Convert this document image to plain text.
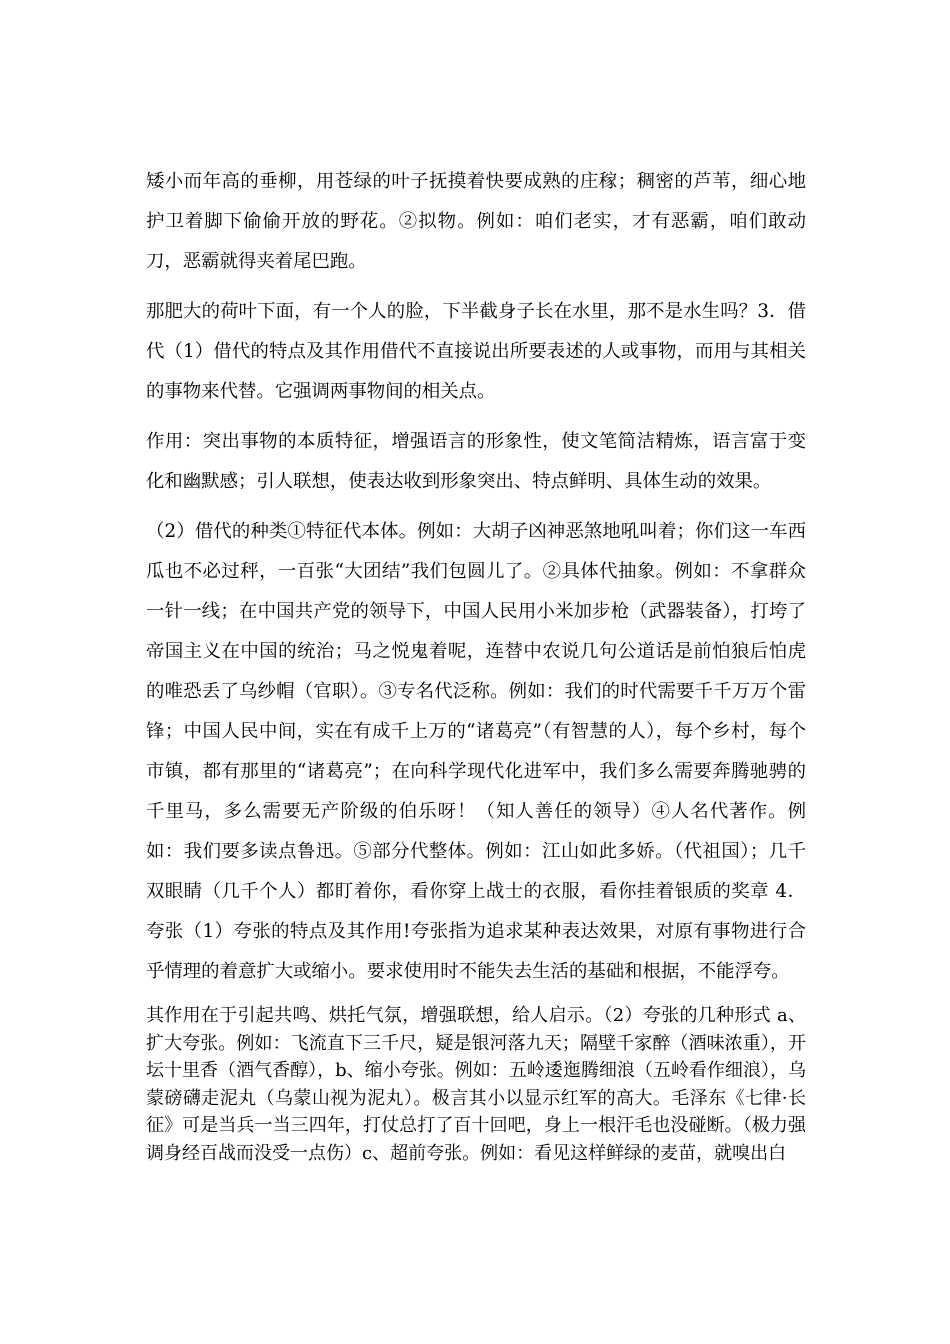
矮小而年高的垂柳，用苍绿的叶子抚摸着快要成熟的庄稼；稠密的芦苇，细心地护卫着脚下偷偷开放的野花。②拟物。例如：咱们老实，才有恶霸，咱们敢动刀，恶霸就得夹着尾巴跑。

那肥大的荷叶下面，有一个人的脸，下半截身子长在水里，那不是水生吗？3．借代（1）借代的特点及其作用借代不直接说出所要表述的人或事物，而用与其相关的事物来代替。它强调两事物间的相关点。

作用：突出事物的本质特征，增强语言的形象性，使文笔简洁精炼，语言富于变化和幽默感；引人联想，使表达收到形象突出、特点鲜明、具体生动的效果。

（2）借代的种类①特征代本体。例如：大胡子凶神恶煞地吼叫着；你们这一车西瓜也不必过秤，一百张“大团结”我们包圆儿了。②具体代抽象。例如：不拿群众一针一线；在中国共产党的领导下，中国人民用小米加步枪（武器装备），打垮了帝国主义在中国的统治；马之悦鬼着呢，连替中农说几句公道话是前怕狼后怕虎的唯恐丢了乌纱帽（官职）。③专名代泛称。例如：我们的时代需要千千万万个雷锋；中国人民中间，实在有成千上万的“诸葛亮”（有智慧的人），每个乡村，每个市镇，都有那里的“诸葛亮”；在向科学现代化进军中，我们多么需要奔腾驰骋的千里马，多么需要无产阶级的伯乐呀！（知人善任的领导）④人名代著作。例如：我们要多读点鲁迅。⑤部分代整体。例如：江山如此多娇。（代祖国）；几千双眼睛（几千个人）都盯着你，看你穿上战士的衣服，看你挂着银质的奖章 4．夸张（1）夸张的特点及其作用!夸张指为追求某种表达效果，对原有事物进行合乎情理的着意扩大或缩小。要求使用时不能失去生活的基础和根据，不能浮夸。

其作用在于引起共鸣、烘托气氛，增强联想，给人启示。（2）夸张的几种形式 a、扩大夸张。例如：飞流直下三千尺，疑是银河落九天；隔壁千家醉（酒味浓重），开坛十里香（酒气香醇），b、缩小夸张。例如：五岭逶迤腾细浪（五岭看作细浪），乌蒙磅礴走泥丸（乌蒙山视为泥丸）。极言其小以显示红军的高大。毛泽东《七律·长征》可是当兵一当三四年，打仗总打了百十回吧，身上一根汗毛也没碰断。（极力强调身经百战而没受一点伤）c、超前夸张。例如：看见这样鲜绿的麦苗，就嗅出白
